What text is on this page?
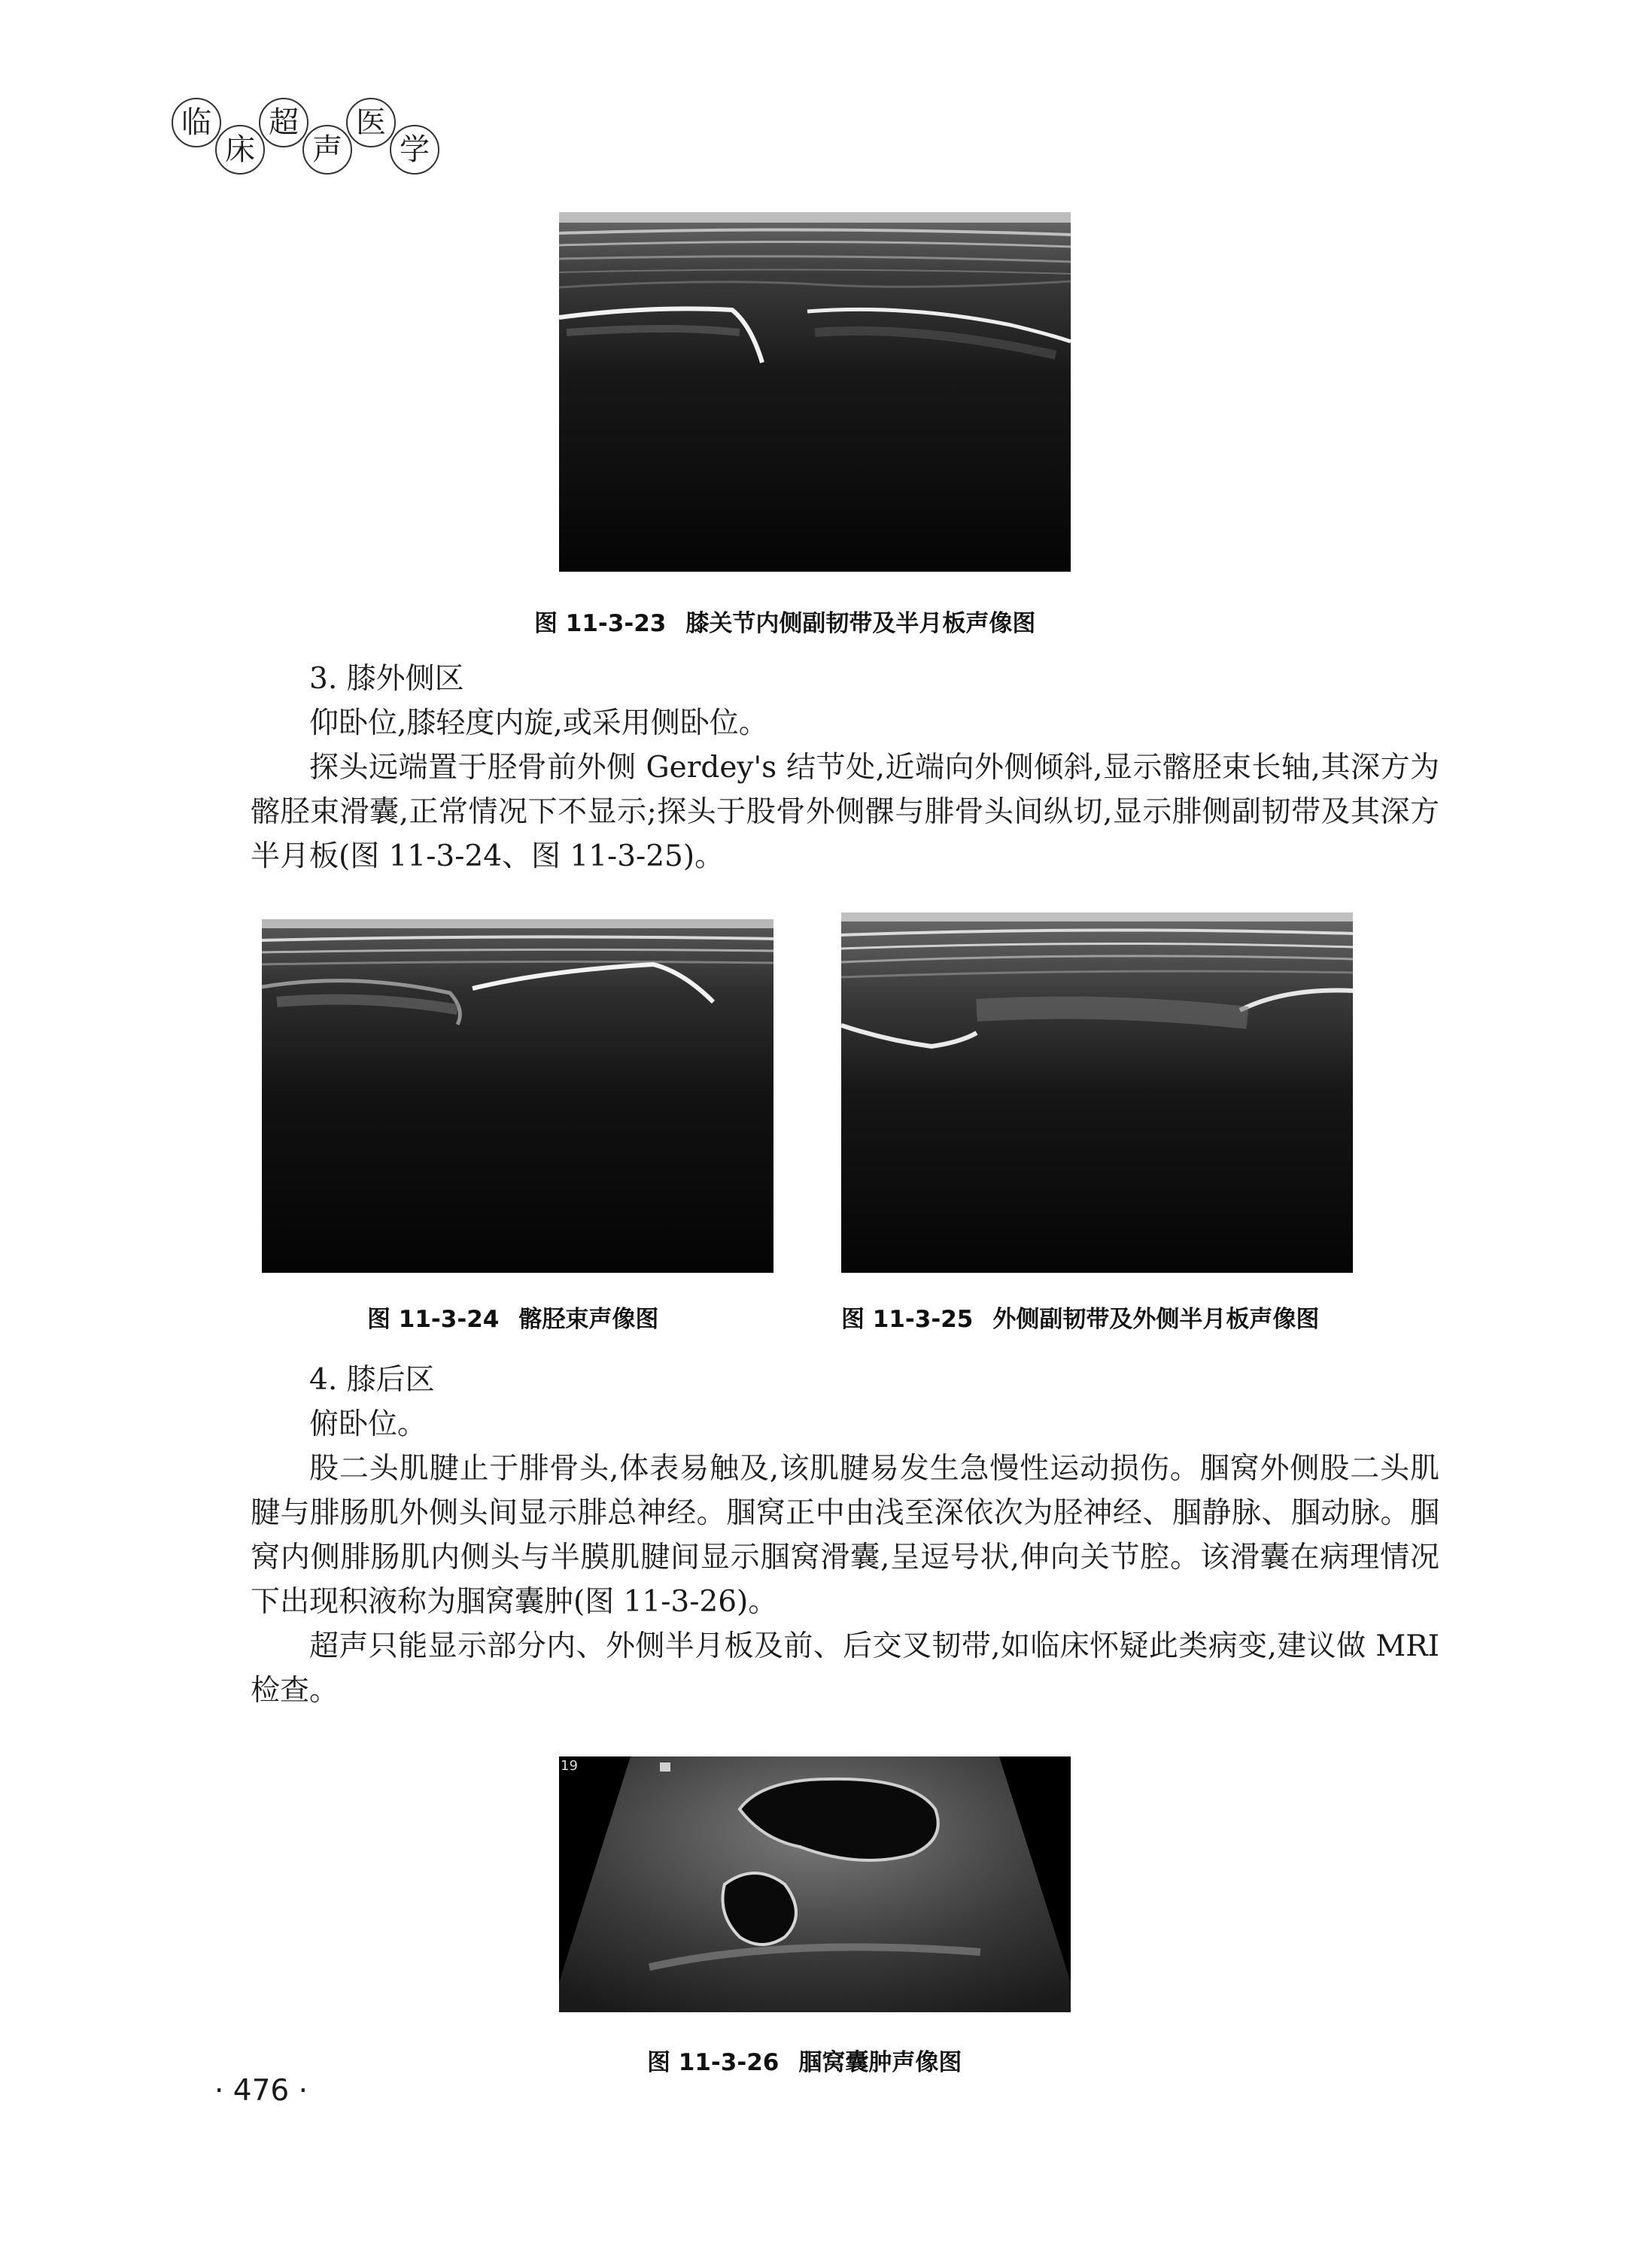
临
床
超
声
医
学
图 11-3-23 膝关节内侧副韧带及半月板声像图

3. 膝外侧区

仰卧位,膝轻度内旋,或采用侧卧位。

探头远端置于胫骨前外侧 Gerdey's 结节处,近端向外侧倾斜,显示髂胫束长轴,其深方为髂胫束滑囊,正常情况下不显示;探头于股骨外侧髁与腓骨头间纵切,显示腓侧副韧带及其深方半月板(图 11-3-24、图 11-3-25)。

图 11-3-24 髂胫束声像图	图 11-3-25 外侧副韧带及外侧半月板声像图

4. 膝后区

俯卧位。

股二头肌腱止于腓骨头,体表易触及,该肌腱易发生急慢性运动损伤。腘窝外侧股二头肌腱与腓肠肌外侧头间显示腓总神经。腘窝正中由浅至深依次为胫神经、腘静脉、腘动脉。腘窝内侧腓肠肌内侧头与半膜肌腱间显示腘窝滑囊,呈逗号状,伸向关节腔。该滑囊在病理情况下出现积液称为腘窝囊肿(图 11-3-26)。

超声只能显示部分内、外侧半月板及前、后交叉韧带,如临床怀疑此类病变,建议做 MRI 检查。

19
图 11-3-26 腘窝囊肿声像图
· 476 ·
